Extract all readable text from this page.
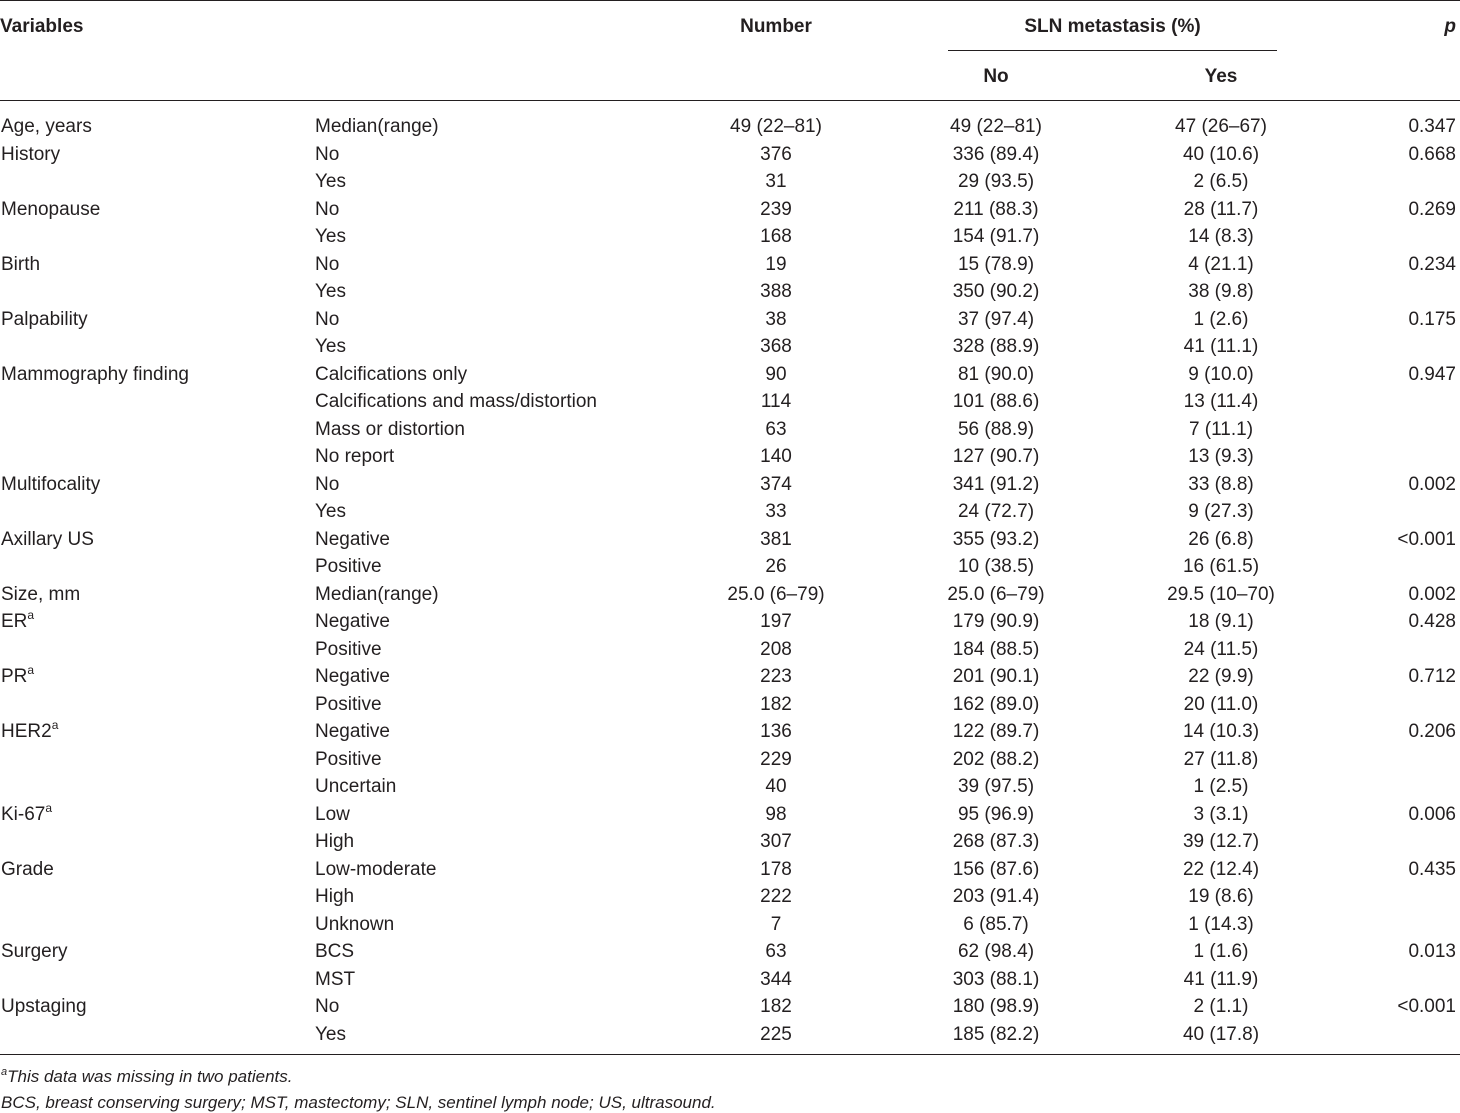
Variables	Number	SLN metastasis (%)	p
No	Yes
Age, years	Median(range)	49 (22–81)	49 (22–81)	47 (26–67)	0.347
History	No	376	336 (89.4)	40 (10.6)	0.668
Yes	31	29 (93.5)	2 (6.5)
Menopause	No	239	211 (88.3)	28 (11.7)	0.269
Yes	168	154 (91.7)	14 (8.3)
Birth	No	19	15 (78.9)	4 (21.1)	0.234
Yes	388	350 (90.2)	38 (9.8)
Palpability	No	38	37 (97.4)	1 (2.6)	0.175
Yes	368	328 (88.9)	41 (11.1)
Mammography finding	Calcifications only	90	81 (90.0)	9 (10.0)	0.947
Calcifications and mass/distortion	114	101 (88.6)	13 (11.4)
Mass or distortion	63	56 (88.9)	7 (11.1)
No report	140	127 (90.7)	13 (9.3)
Multifocality	No	374	341 (91.2)	33 (8.8)	0.002
Yes	33	24 (72.7)	9 (27.3)
Axillary US	Negative	381	355 (93.2)	26 (6.8)	<0.001
Positive	26	10 (38.5)	16 (61.5)
Size, mm	Median(range)	25.0 (6–79)	25.0 (6–79)	29.5 (10–70)	0.002
$ER^a$	Negative	197	179 (90.9)	18 (9.1)	0.428
Positive	208	184 (88.5)	24 (11.5)
$PR^a$	Negative	223	201 (90.1)	22 (9.9)	0.712
Positive	182	162 (89.0)	20 (11.0)
HER2$^a$	Negative	136	122 (89.7)	14 (10.3)	0.206
Positive	229	202 (88.2)	27 (11.8)
Uncertain	40	39 (97.5)	1 (2.5)
Ki-67$^a$	Low	98	95 (96.9)	3 (3.1)	0.006
High	307	268 (87.3)	39 (12.7)
Grade	Low-moderate	178	156 (87.6)	22 (12.4)	0.435
High	222	203 (91.4)	19 (8.6)
Unknown	7	6 (85.7)	1 (14.3)
Surgery	BCS	63	62 (98.4)	1 (1.6)	0.013
MST	344	303 (88.1)	41 (11.9)
Upstaging	No	182	180 (98.9)	2 (1.1)	<0.001
Yes	225	185 (82.2)	40 (17.8)
$^a$This data was missing in two patients.
BCS, breast conserving surgery; MST, mastectomy; SLN, sentinel lymph node; US, ultrasound.
